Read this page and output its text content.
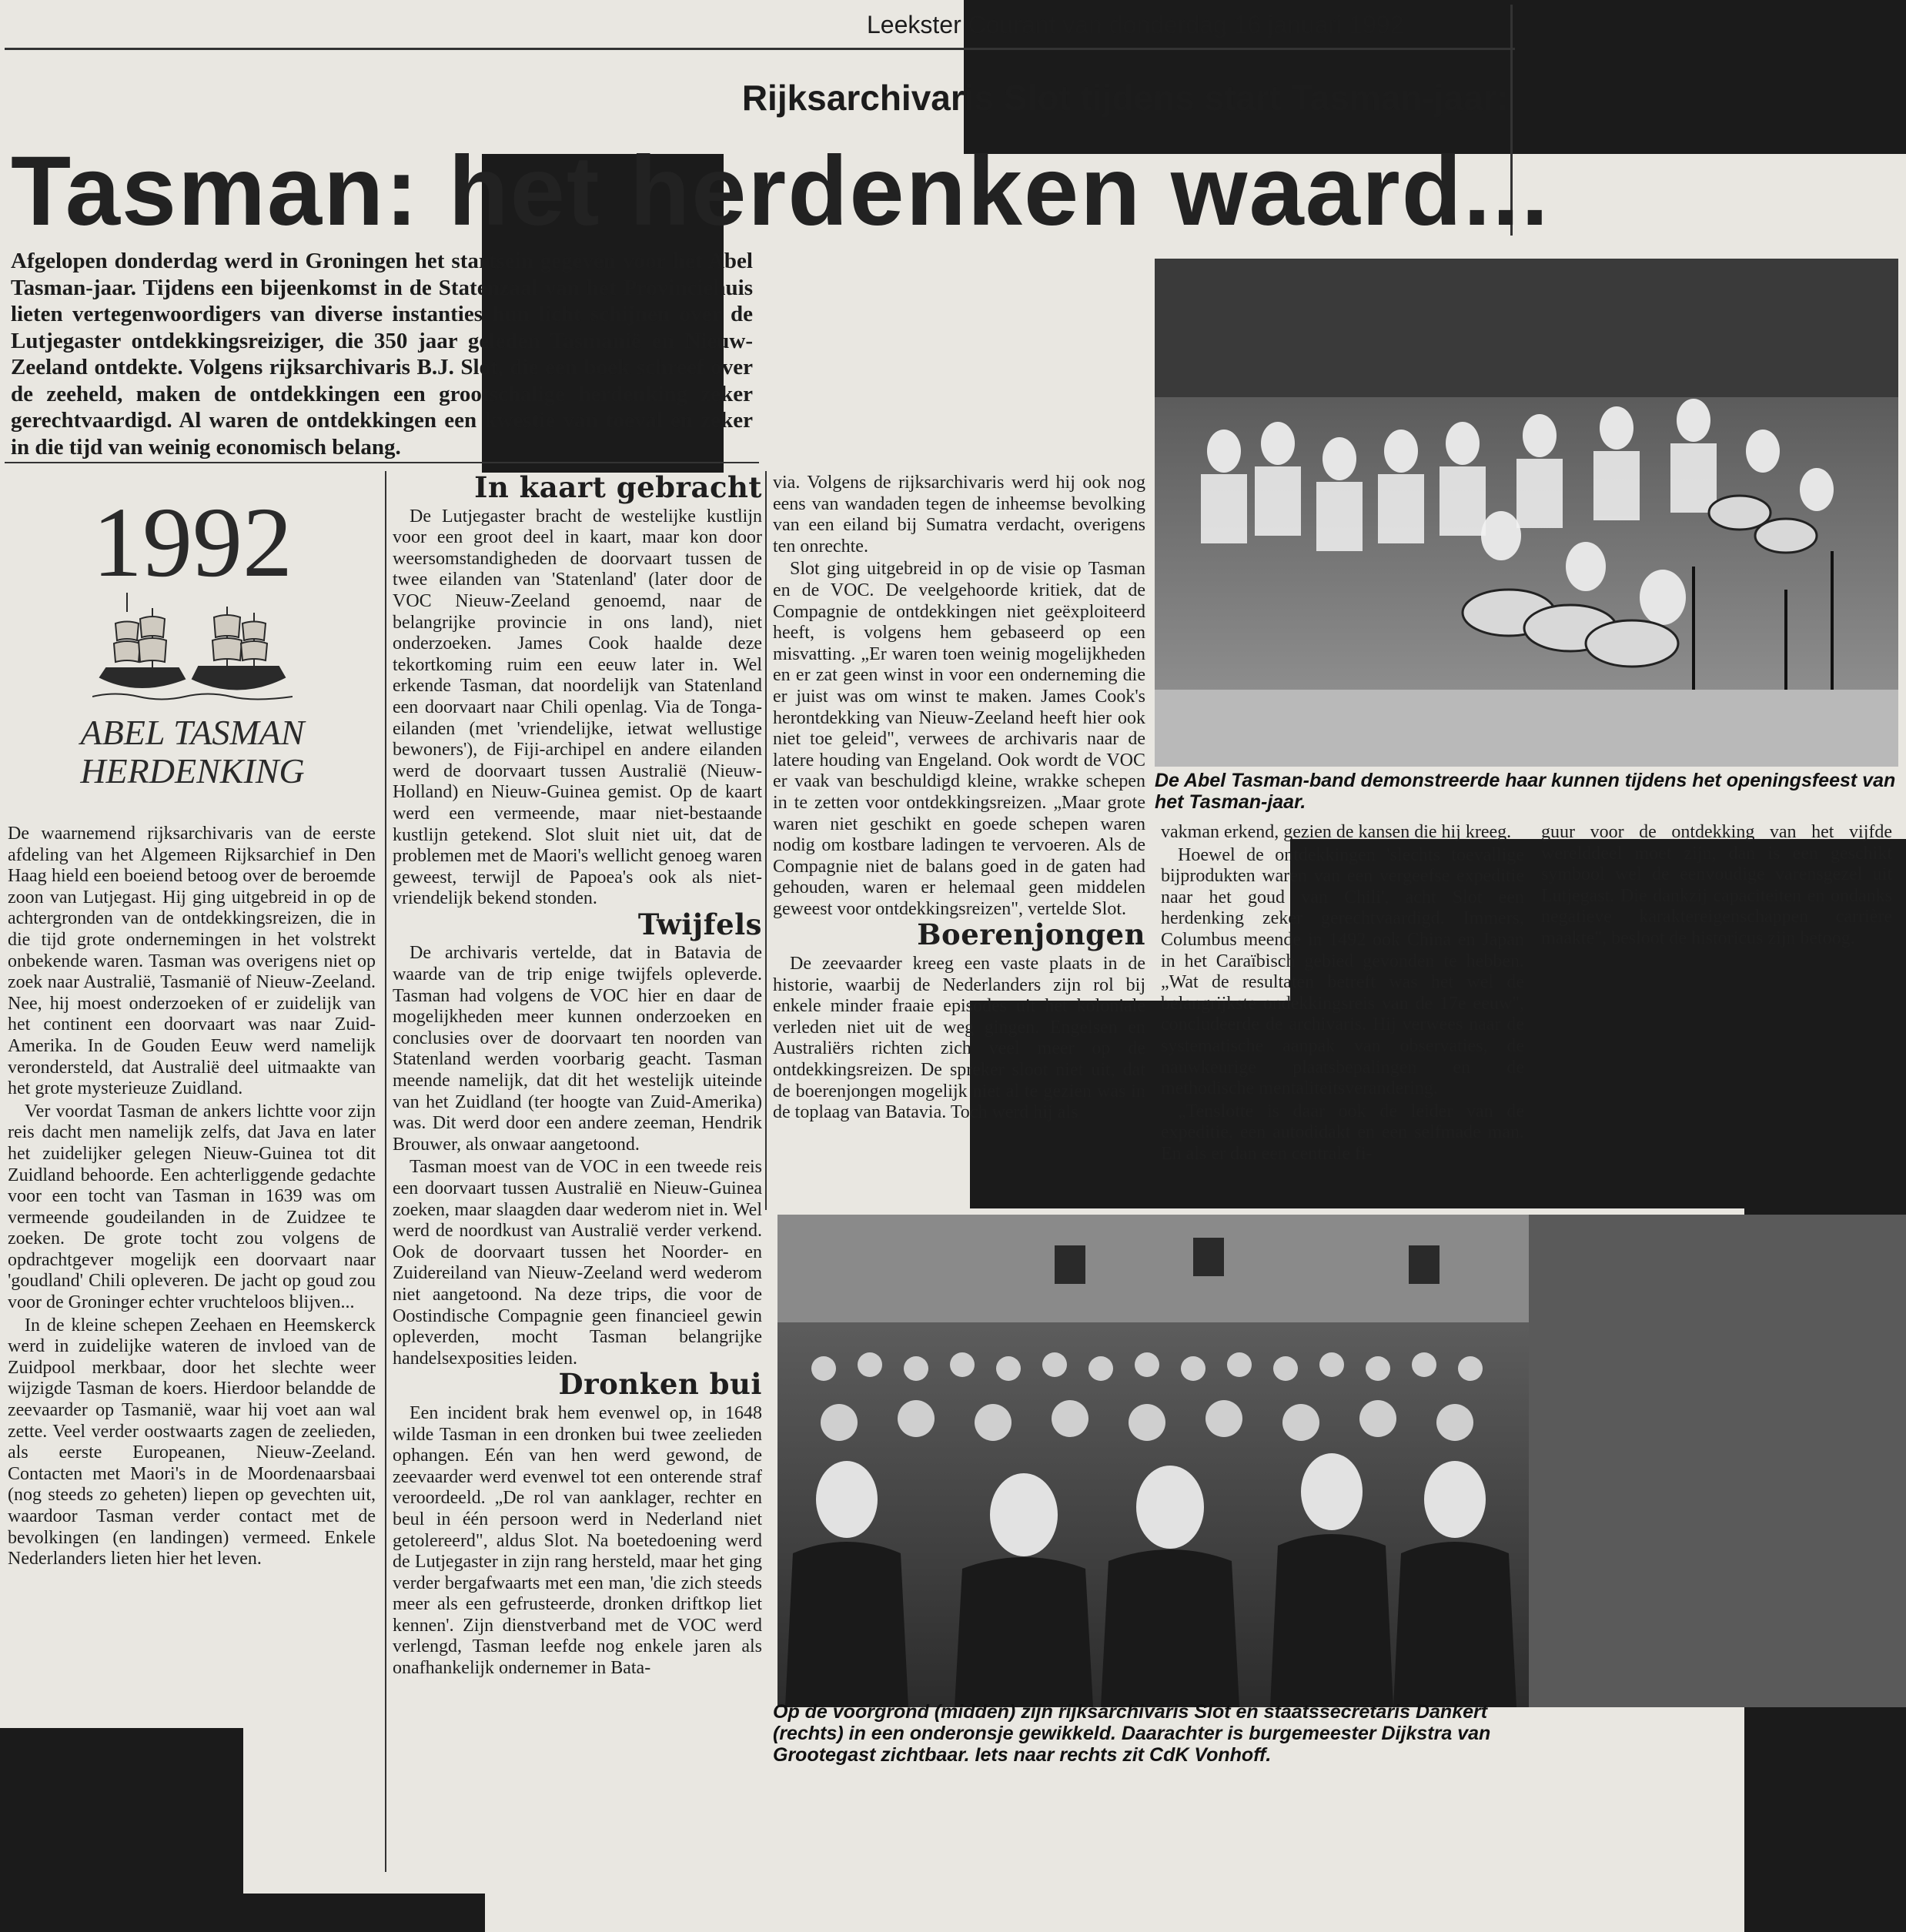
Leekster Courant van donderdag 16 januari 1992
Rijksarchivaris Slot tijdens start Tasman-jaar:
Tasman: het herdenken waard...
Afgelopen donderdag werd in Groningen het startsein gegeven voor het Abel Tasman-jaar. Tijdens een bijeenkomst in de Statenzaal van het Provinciehuis lieten vertegenwoordigers van diverse instanties hun licht schijnen over de Lutjegaster ontdekkingsreiziger, die 350 jaar geleden Tasmanië en Nieuw-Zeeland ontdekte. Volgens rijksarchivaris B.J. Slot, die een boek schreef over de zeeheld, maken de ontdekkingen een grootschalige herdenking zeker gerechtvaardigd. Al waren de ontdekkingen een kwestie van toeval en zeker in die tijd van weinig economisch belang.
1992
ABEL TASMAN
HERDENKING

De waarnemend rijksarchivaris van de eerste afdeling van het Algemeen Rijksarchief in Den Haag hield een boeiend betoog over de beroemde zoon van Lutjegast. Hij ging uitgebreid in op de achtergronden van de ontdekkingsreizen, die in die tijd grote ondernemingen in het volstrekt onbekende waren. Tasman was overigens niet op zoek naar Australië, Tasmanië of Nieuw-Zeeland. Nee, hij moest onderzoeken of er zuidelijk van het continent een doorvaart was naar Zuid-Amerika. In de Gouden Eeuw werd namelijk verondersteld, dat Australië deel uitmaakte van het grote mysterieuze Zuidland.

Ver voordat Tasman de ankers lichtte voor zijn reis dacht men namelijk zelfs, dat Java en later het zuidelijker gelegen Nieuw-Guinea tot dit Zuidland behoorde. Een achterliggende gedachte voor een tocht van Tasman in 1639 was om vermeende goudeilanden in de Zuidzee te zoeken. De grote tocht zou volgens de opdrachtgever mogelijk een doorvaart naar 'goudland' Chili opleveren. De jacht op goud zou voor de Groninger echter vruchteloos blijven...

In de kleine schepen Zeehaen en Heemskerck werd in zuidelijke wateren de invloed van de Zuidpool merkbaar, door het slechte weer wijzigde Tasman de koers. Hierdoor belandde de zeevaarder op Tasmanië, waar hij voet aan wal zette. Veel verder oostwaarts zagen de zeelieden, als eerste Europeanen, Nieuw-Zeeland. Contacten met Maori's in de Moordenaarsbaai (nog steeds zo geheten) liepen op gevechten uit, waardoor Tasman verder contact met de bevolkingen (en landingen) vermeed. Enkele Nederlanders lieten hier het leven.

In kaart gebracht

De Lutjegaster bracht de westelijke kustlijn voor een groot deel in kaart, maar kon door weersomstandigheden de doorvaart tussen de twee eilanden van 'Statenland' (later door de VOC Nieuw-Zeeland genoemd, naar de belangrijke provincie in ons land), niet onderzoeken. James Cook haalde deze tekortkoming ruim een eeuw later in. Wel erkende Tasman, dat noordelijk van Statenland een doorvaart naar Chili openlag. Via de Tonga-eilanden (met 'vriendelijke, ietwat wellustige bewoners'), de Fiji-archipel en andere eilanden werd de doorvaart tussen Australië (Nieuw-Holland) en Nieuw-Guinea gemist. Op de kaart werd een vermeende, maar niet-bestaande kustlijn getekend. Slot sluit niet uit, dat de problemen met de Maori's wellicht genoeg waren geweest, terwijl de Papoea's ook als niet-vriendelijk bekend stonden.

Twijfels

De archivaris vertelde, dat in Batavia de waarde van de trip enige twijfels opleverde. Tasman had volgens de VOC hier en daar de mogelijkheden meer kunnen onderzoeken en conclusies over de doorvaart ten noorden van Statenland werden voorbarig geacht. Tasman meende namelijk, dat dit het westelijk uiteinde van het Zuidland (ter hoogte van Zuid-Amerika) was. Dit werd door een andere zeeman, Hendrik Brouwer, als onwaar aangetoond.

Tasman moest van de VOC in een tweede reis een doorvaart tussen Australië en Nieuw-Guinea zoeken, maar slaagden daar wederom niet in. Wel werd de noordkust van Australië verder verkend. Ook de doorvaart tussen het Noorder- en Zuidereiland van Nieuw-Zeeland werd wederom niet aangetoond. Na deze trips, die voor de Oostindische Compagnie geen financieel gewin opleverden, mocht Tasman belangrijke handelsexposities leiden.

Dronken bui

Een incident brak hem evenwel op, in 1648 wilde Tasman in een dronken bui twee zeelieden ophangen. Eén van hen werd gewond, de zeevaarder werd evenwel tot een onterende straf veroordeeld. „De rol van aanklager, rechter en beul in één persoon werd in Nederland niet getolereerd", aldus Slot. Na boetedoening werd de Lutjegaster in zijn rang hersteld, maar het ging verder bergafwaarts met een man, 'die zich steeds meer als een gefrusteerde, dronken driftkop liet kennen'. Zijn dienstverband met de VOC werd verlengd, Tasman leefde nog enkele jaren als onafhankelijk ondernemer in Bata-

via. Volgens de rijksarchivaris werd hij ook nog eens van wandaden tegen de inheemse bevolking van een eiland bij Sumatra verdacht, overigens ten onrechte.

Slot ging uitgebreid in op de visie op Tasman en de VOC. De veelgehoorde kritiek, dat de Compagnie de ontdekkingen niet geëxploiteerd heeft, is volgens hem gebaseerd op een misvatting. „Er waren toen weinig mogelijkheden en er zat geen winst in voor een onderneming die er juist was om winst te maken. James Cook's herontdekking van Nieuw-Zeeland heeft hier ook niet toe geleid", verwees de archivaris naar de latere houding van Engeland. Ook wordt de VOC er vaak van beschuldigd kleine, wrakke schepen in te zetten voor ontdekkingsreizen. „Maar grote waren niet geschikt en goede schepen waren nodig om kostbare ladingen te vervoeren. Als de Compagnie niet de balans goed in de gaten had gehouden, waren er helemaal geen middelen geweest voor ontdekkingsreizen", vertelde Slot.

Boerenjongen

De zeevaarder kreeg een vaste plaats in de historie, waarbij de Nederlanders zijn rol bij enkele minder fraaie episodes uit het koloniale verleden niet uit de weg gingen. Engelsen en Australiërs richten zich veel meer op de ontdekkingsreizen. De spreker sloot niet uit, dat de boerenjongen mogelijk niet al te gezien was in de toplaag van Batavia. Toch werd hij als

De Abel Tasman-band demonstreerde haar kunnen tijdens het openingsfeest van het Tasman-jaar.

vakman erkend, gezien de kansen die hij kreeg.

Hoewel de ontdekkingen 'slechts toevallige bijprodukten waren van een vergeefse expeditie naar het goud van Chili', acht Slot een herdenking zeker gerechtvaardigd. Immers, Columbus meende in 1492 ook China en Japan in het Caraïbisch gebied gevonden te hebben. „Wat de resultaten betreft was het wel de belangrijkste ondekkingsreis van de 17e eeuw", concludeerde de archivaris. Hij verwees naar de systematische aanpak van observaties, de nauwkeurige plaatsbepalingen en de methodische mentaliteitsverandering.

„Tenslotte is daar ook de leider van de expeditie, een autodidakt en een selfmade man. En als er dan een centrale fi-

guur voor de ontdekking van het vijfde werelddeel moet zijn, dan is een geschikt symbool wel de eenvoudige varensgezel uit Lutjegast. Die dankzij capaciteiten en ondanks negatieve karaktereigenschappen carrière maakte", besloot de historicus zijn betoog.

Op de voorgrond (midden) zijn rijksarchivaris Slot en staatssecretaris Dankert (rechts) in een onderonsje gewikkeld. Daarachter is burgemeester Dijkstra van Grootegast zichtbaar. Iets naar rechts zit CdK Vonhoff.
